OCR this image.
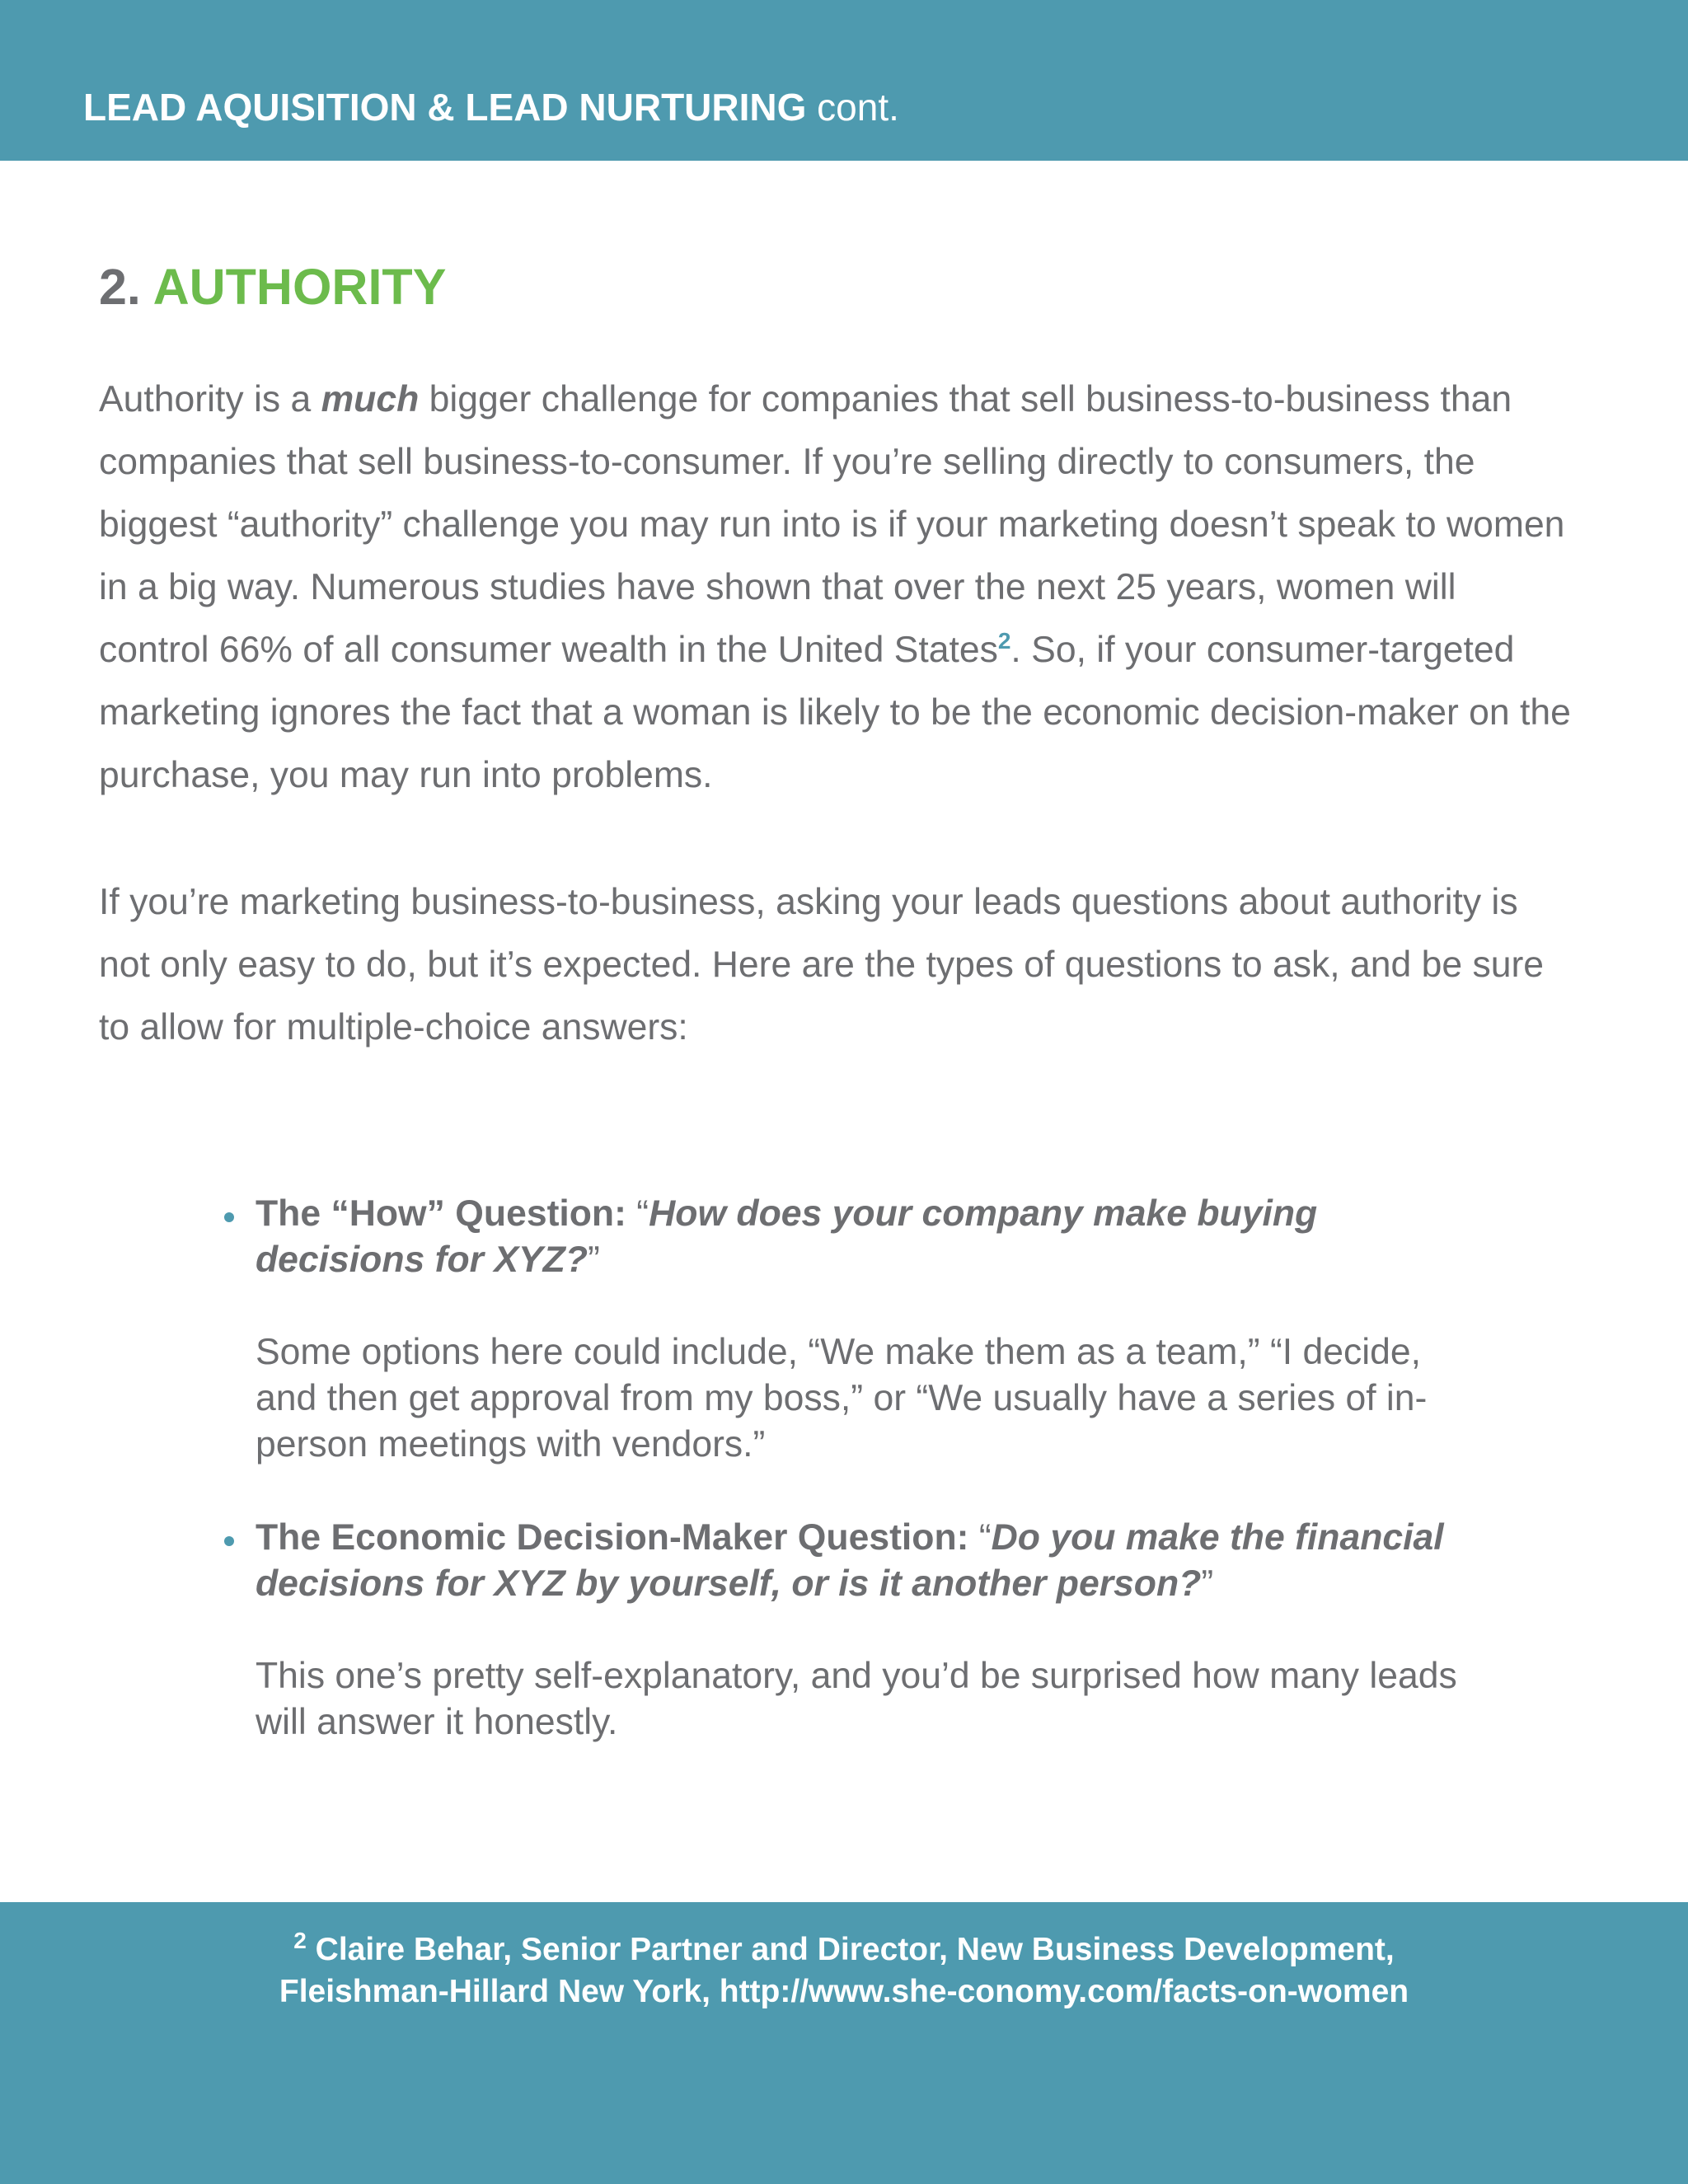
LEAD AQUISITION & LEAD NURTURING cont.
2. AUTHORITY

Authority is a much bigger challenge for companies that sell business-to-business than companies that sell business-to-consumer. If you’re selling directly to consumers, the biggest “authority” challenge you may run into is if your marketing doesn’t speak to women in a big way. Numerous studies have shown that over the next 25 years, women will control 66% of all consumer wealth in the United States$^2$. So, if your consumer-targeted marketing ignores the fact that a woman is likely to be the economic decision-maker on the purchase, you may run into problems.

If you’re marketing business-to-business, asking your leads questions about authority is not only easy to do, but it’s expected. Here are the types of questions to ask, and be sure to allow for multiple-choice answers:

The “How” Question: “How does your company make buying decisions for XYZ?”
Some options here could include, “We make them as a team,” “I decide, and then get approval from my boss,” or “We usually have a series of in-person meetings with vendors.”
The Economic Decision-Maker Question: “Do you make the financial decisions for XYZ by yourself, or is it another person?”
This one’s pretty self-explanatory, and you’d be surprised how many leads will answer it honestly.
$^2$ Claire Behar, Senior Partner and Director, New Business Development,
Fleishman-Hillard New York, http://www.she-conomy.com/facts-on-women
